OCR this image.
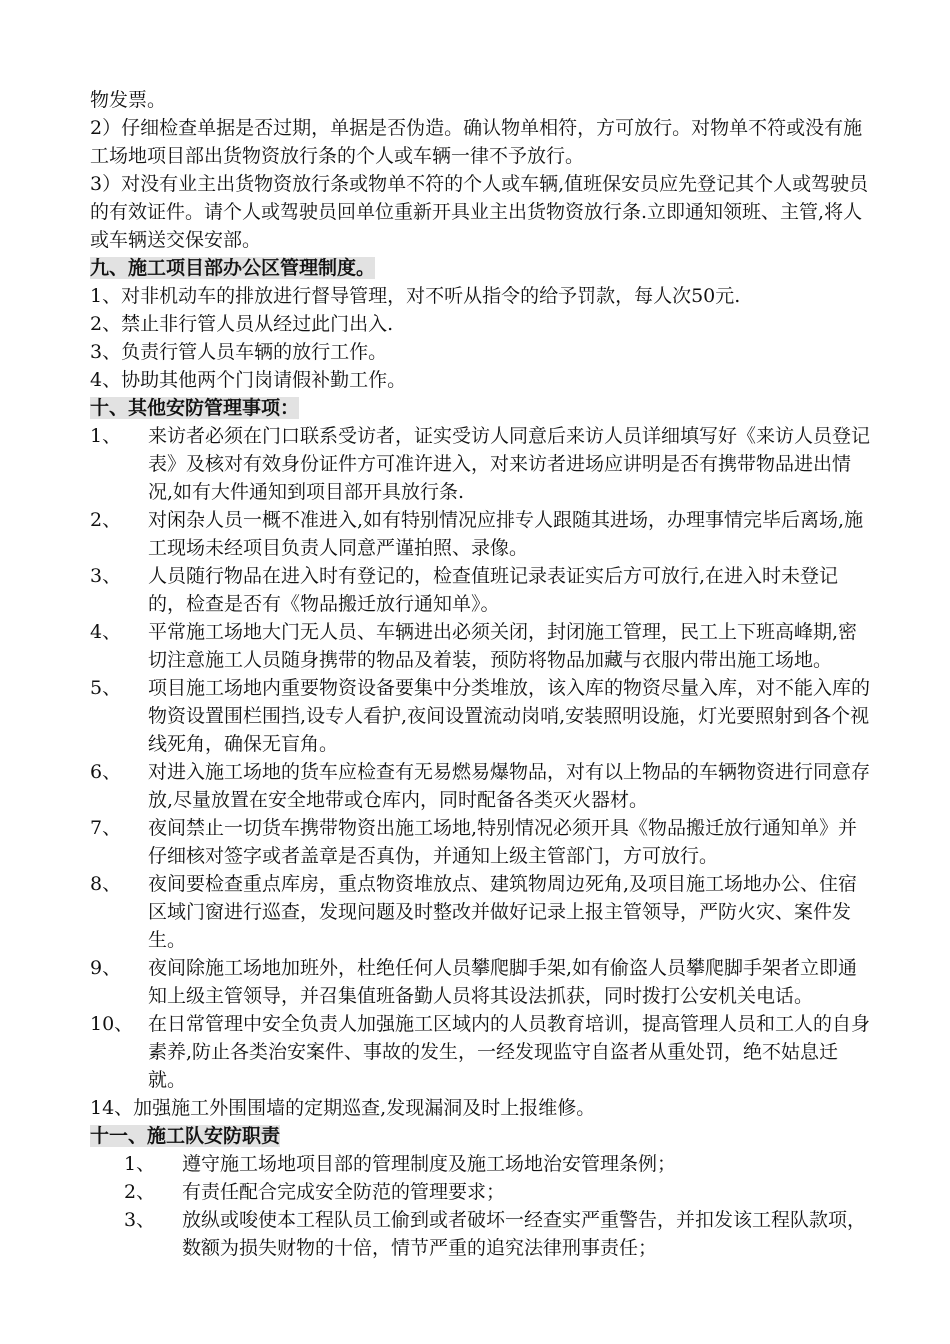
物发票。

2）仔细检查单据是否过期，单据是否伪造。确认物单相符，方可放行。对物单不符或没有施工场地项目部出货物资放行条的个人或车辆一律不予放行。

3）对没有业主出货物资放行条或物单不符的个人或车辆,值班保安员应先登记其个人或驾驶员的有效证件。请个人或驾驶员回单位重新开具业主出货物资放行条.立即通知领班、主管,将人或车辆送交保安部。

九、施工项目部办公区管理制度。

1、对非机动车的排放进行督导管理，对不听从指令的给予罚款，每人次50元.

2、禁止非行管人员从经过此门出入.

3、负责行管人员车辆的放行工作。

4、协助其他两个门岗请假补勤工作。

十、其他安防管理事项：

1、	来访者必须在门口联系受访者，证实受访人同意后来访人员详细填写好《来访人员登记表》及核对有效身份证件方可准许进入，对来访者进场应讲明是否有携带物品进出情况,如有大件通知到项目部开具放行条.
2、	对闲杂人员一概不准进入,如有特别情况应排专人跟随其进场，办理事情完毕后离场,施工现场未经项目负责人同意严谨拍照、录像。
3、	人员随行物品在进入时有登记的，检查值班记录表证实后方可放行,在进入时未登记的，检查是否有《物品搬迁放行通知单》。
4、	平常施工场地大门无人员、车辆进出必须关闭，封闭施工管理，民工上下班高峰期,密切注意施工人员随身携带的物品及着装，预防将物品加藏与衣服内带出施工场地。
5、	项目施工场地内重要物资设备要集中分类堆放，该入库的物资尽量入库，对不能入库的物资设置围栏围挡,设专人看护,夜间设置流动岗哨,安装照明设施，灯光要照射到各个视线死角，确保无盲角。
6、	对进入施工场地的货车应检查有无易燃易爆物品，对有以上物品的车辆物资进行同意存放,尽量放置在安全地带或仓库内，同时配备各类灭火器材。
7、	夜间禁止一切货车携带物资出施工场地,特别情况必须开具《物品搬迁放行通知单》并仔细核对签字或者盖章是否真伪，并通知上级主管部门，方可放行。
8、	夜间要检查重点库房，重点物资堆放点、建筑物周边死角,及项目施工场地办公、住宿区域门窗进行巡查，发现问题及时整改并做好记录上报主管领导，严防火灾、案件发生。
9、	夜间除施工场地加班外，杜绝任何人员攀爬脚手架,如有偷盗人员攀爬脚手架者立即通知上级主管领导，并召集值班备勤人员将其设法抓获，同时拨打公安机关电话。
10、 在日常管理中安全负责人加强施工区域内的人员教育培训，提高管理人员和工人的自身素养,防止各类治安案件、事故的发生，一经发现监守自盗者从重处罚，绝不姑息迁就。

14、加强施工外围围墙的定期巡查,发现漏洞及时上报维修。

十一、施工队安防职责

1、	遵守施工场地项目部的管理制度及施工场地治安管理条例；
2、	有责任配合完成安全防范的管理要求；
3、	放纵或唆使本工程队员工偷到或者破坏一经查实严重警告，并扣发该工程队款项，数额为损失财物的十倍，情节严重的追究法律刑事责任；
